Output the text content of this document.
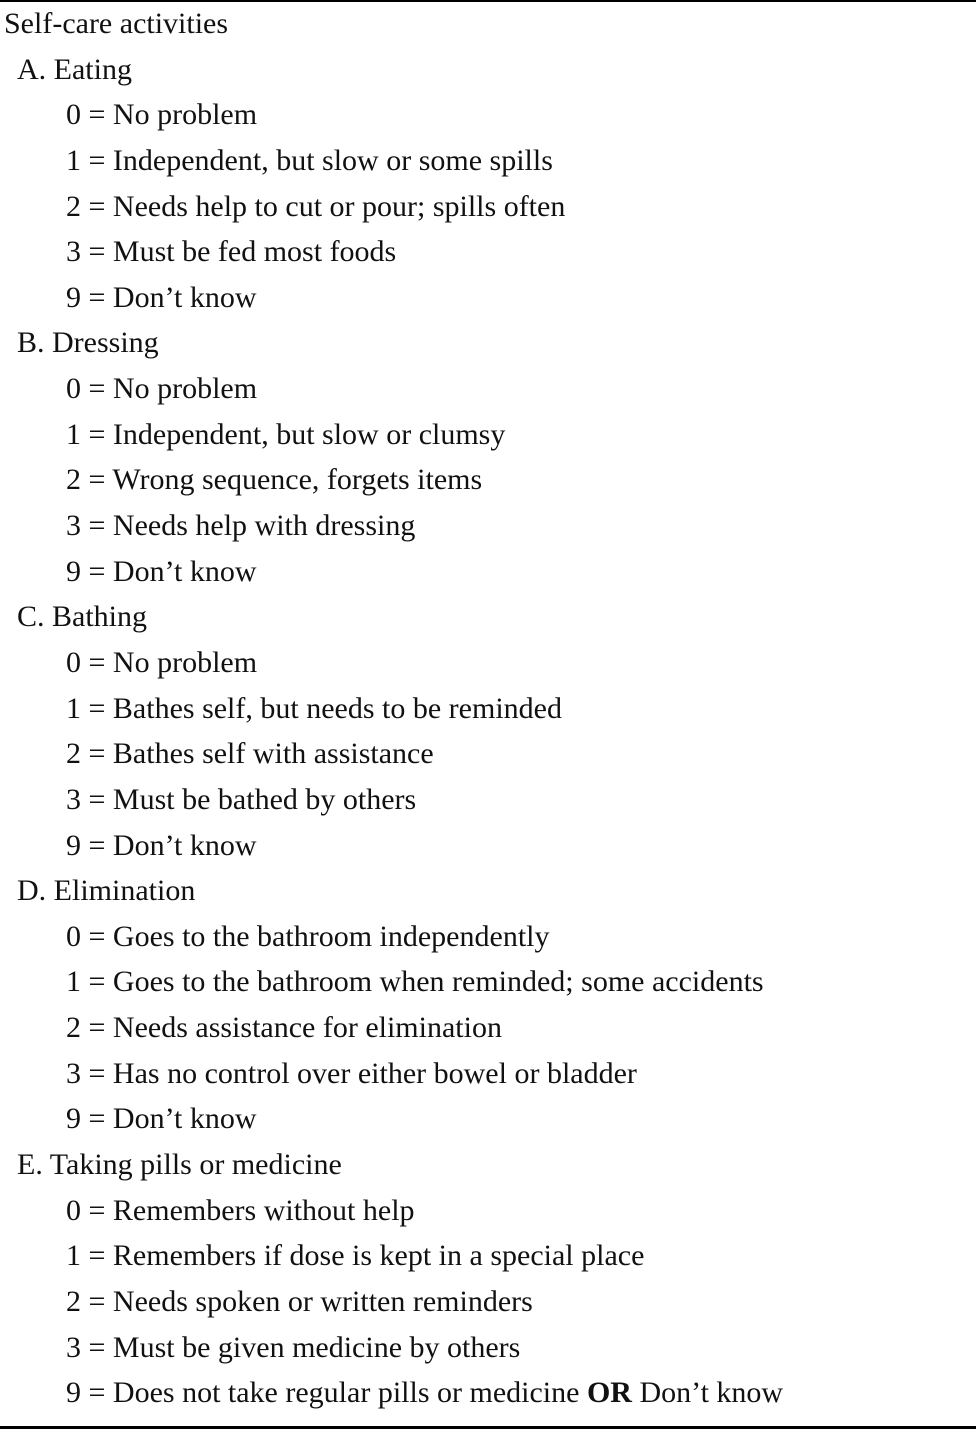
Self-care activities
A. Eating
0 = No problem
1 = Independent, but slow or some spills
2 = Needs help to cut or pour; spills often
3 = Must be fed most foods
9 = Don’t know
B. Dressing
0 = No problem
1 = Independent, but slow or clumsy
2 = Wrong sequence, forgets items
3 = Needs help with dressing
9 = Don’t know
C. Bathing
0 = No problem
1 = Bathes self, but needs to be reminded
2 = Bathes self with assistance
3 = Must be bathed by others
9 = Don’t know
D. Elimination
0 = Goes to the bathroom independently
1 = Goes to the bathroom when reminded; some accidents
2 = Needs assistance for elimination
3 = Has no control over either bowel or bladder
9 = Don’t know
E. Taking pills or medicine
0 = Remembers without help
1 = Remembers if dose is kept in a special place
2 = Needs spoken or written reminders
3 = Must be given medicine by others
9 = Does not take regular pills or medicine OR Don’t know
